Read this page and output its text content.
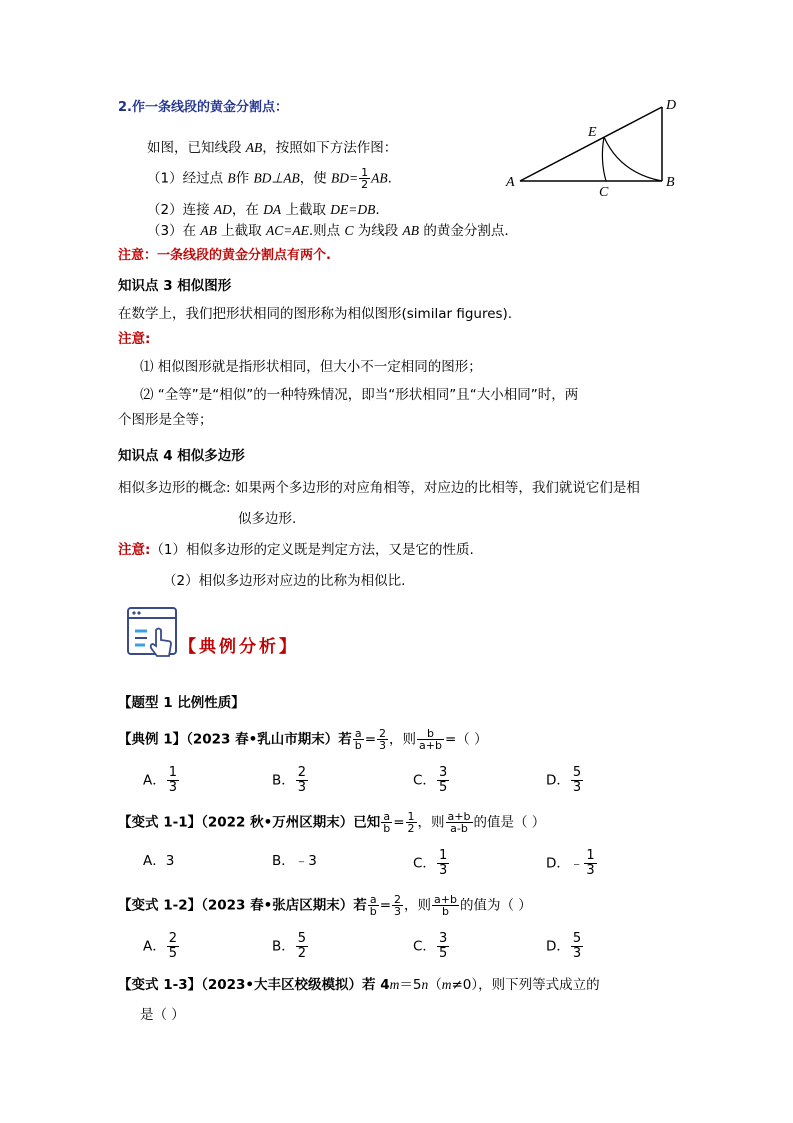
2.作一条线段的黄金分割点：
如图，已知线段 AB，按照如下方法作图：
（1）经过点 B作 BD⊥AB，使 $BD= \frac{1}{2}$ AB.
（2）连接 AD，在 DA 上截取 DE=DB.
（3）在 AB 上截取 AC=AE.则点 C 为线段 AB 的黄金分割点.
注意：一条线段的黄金分割点有两个.
A	B
C
D
E
知识点 3 相似图形
在数学上，我们把形状相同的图形称为相似图形(similar figures).
注意:
⑴ 相似图形就是指形状相同，但大小不一定相同的图形；
⑵ “全等”是“相似”的一种特殊情况，即当“形状相同”且“大小相同”时，两
个图形是全等；
知识点 4 相似多边形
相似多边形的概念: 如果两个多边形的对应角相等，对应边的比相等，我们就说它们是相
似多边形.
注意:（1）相似多边形的定义既是判定方法，又是它的性质.
（2）相似多边形对应边的比称为相似比.
【典例分析】
【题型 1 比例性质】
【典例 1】（2023 春•乳山市期末）若 $\frac{a}{b} = \frac{2}{3}$ ，则 $\frac{b}{a+b}$ =（ ）
A． $\frac{1}{3}$	B． $\frac{2}{3}$	C． $\frac{3}{5}$	D． $\frac{5}{3}$
【变式 1-1】（2022 秋•万州区期末）已知 $\frac{a}{b} = \frac{1}{2}$ ，则 $\frac{a+b}{a-b}$ 的值是（ ）
A．3	B．﹣3	C． $\frac{1}{3}$	D．﹣ $\frac{1}{3}$
【变式 1-2】（2023 春•张店区期末）若 $\frac{a}{b} = \frac{2}{3}$ ，则 $\frac{a+b}{b}$ 的值为（ ）
A． $\frac{2}{5}$	B． $\frac{5}{2}$	C． $\frac{3}{5}$	D． $\frac{5}{3}$
【变式 1-3】（2023•大丰区校级模拟）若 4m＝5n（m≠0），则下列等式成立的
是（ ）
